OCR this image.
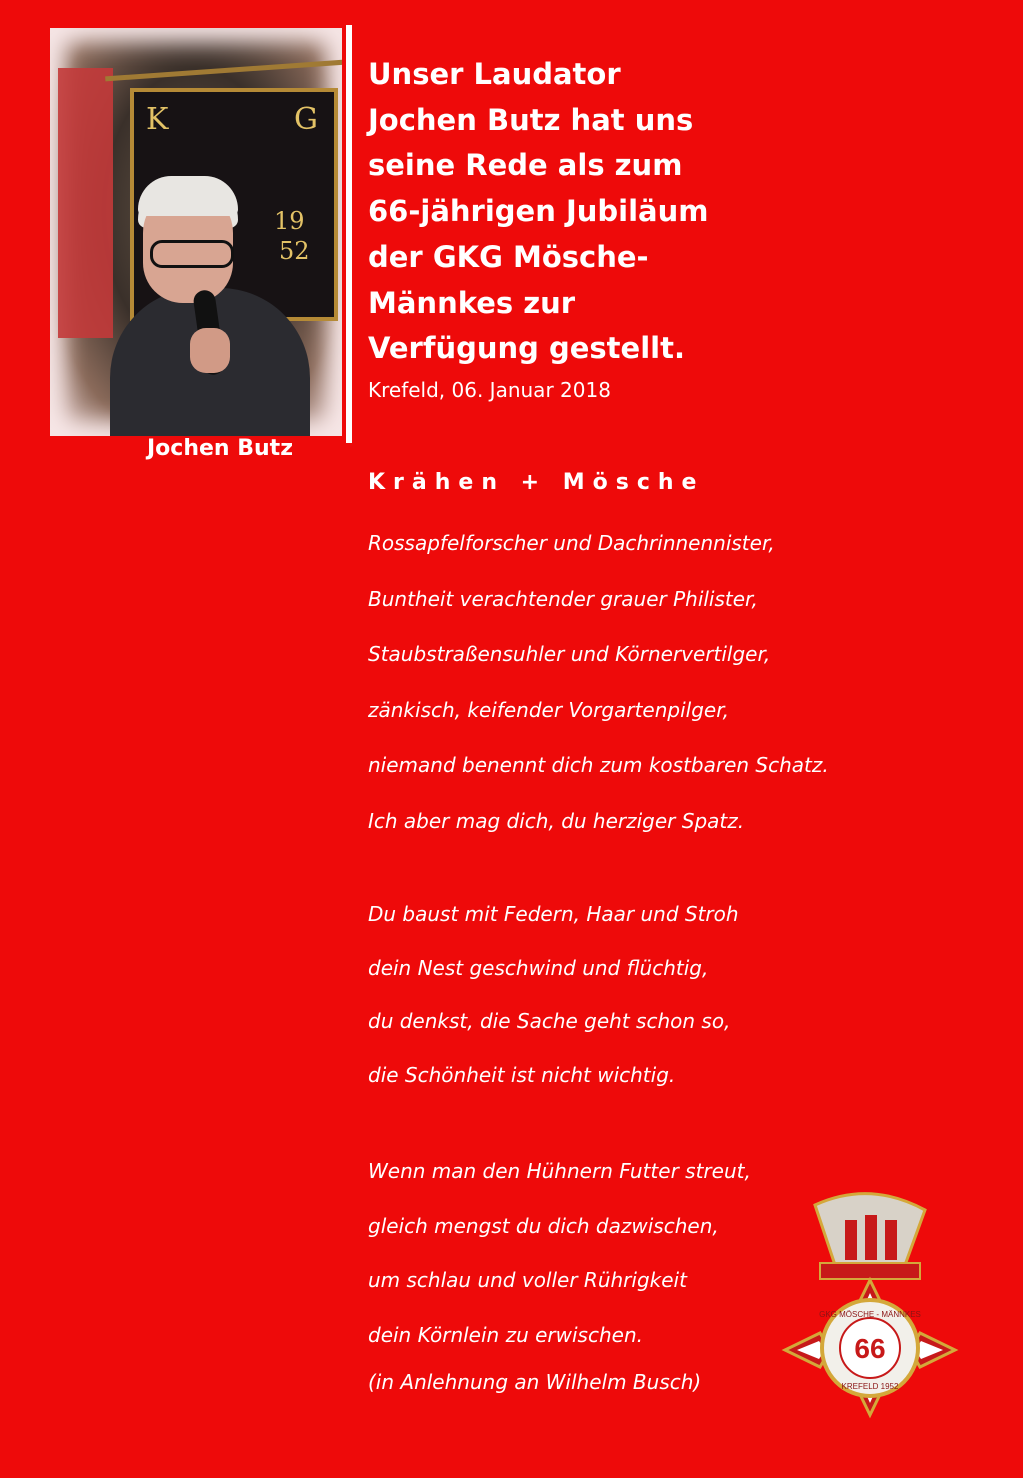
K	G
19
52
Jochen Butz
Unser Laudator
Jochen Butz hat uns
seine Rede als zum
66-jährigen Jubiläum
der GKG Mösche-
Männkes zur
Verfügung gestellt.
Krefeld, 06. Januar 2018
Krähen + Mösche
Rossapfelforscher und Dachrinnennister,
Buntheit verachtender grauer Philister,
Staubstraßensuhler und Körnervertilger,
zänkisch, keifender Vorgartenpilger,
niemand benennt dich zum kostbaren Schatz.
Ich aber mag dich, du herziger Spatz.
Du baust mit Federn, Haar und Stroh
dein Nest geschwind und flüchtig,
du denkst, die Sache geht schon so,
die Schönheit ist nicht wichtig.
Wenn man den Hühnern Futter streut,
gleich mengst du dich dazwischen,
um schlau und voller Rührigkeit
dein Körnlein zu erwischen.
(in Anlehnung an Wilhelm Busch)
66
GKG MÖSCHE - MÄNNKES
KREFELD 1952
